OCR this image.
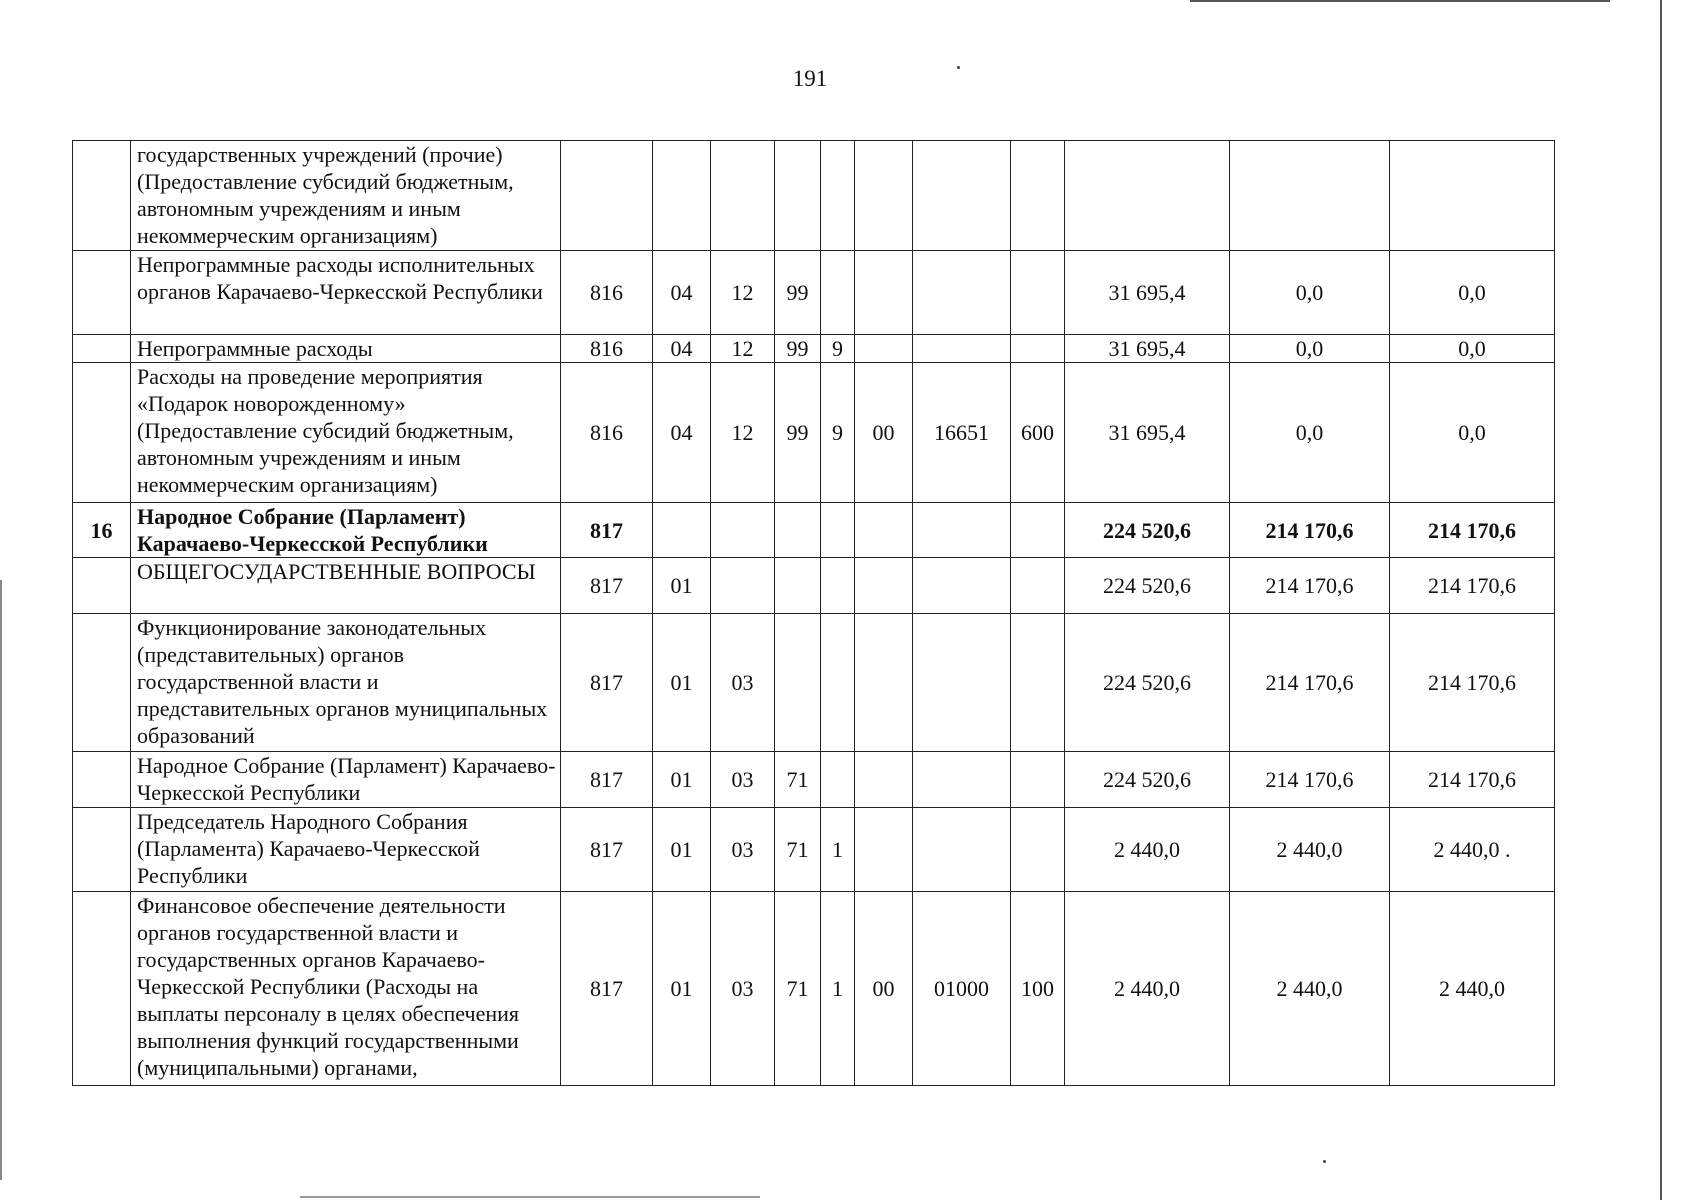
191
	государственных учреждений (прочие) (Предоставление субсидий бюджетным, автономным учреждениям и иным некоммерческим организациям)											
	Непрограммные расходы исполнительных органов Карачаево-Черкесской Республики	816	04	12	99					31 695,4	0,0	0,0
	Непрограммные расходы	816	04	12	99	9				31 695,4	0,0	0,0
	Расходы на проведение мероприятия «Подарок новорожденному» (Предоставление субсидий бюджетным, автономным учреждениям и иным некоммерческим организациям)	816	04	12	99	9	00	16651	600	31 695,4	0,0	0,0
16	Народное Собрание (Парламент) Карачаево-Черкесской Республики	817								224 520,6	214 170,6	214 170,6
	ОБЩЕГОСУДАРСТВЕННЫЕ ВОПРОСЫ	817	01							224 520,6	214 170,6	214 170,6
	Функционирование законодательных (представительных) органов государственной власти и представительных органов муниципальных образований	817	01	03						224 520,6	214 170,6	214 170,6
	Народное Собрание (Парламент) Карачаево-Черкесской Республики	817	01	03	71					224 520,6	214 170,6	214 170,6
	Председатель Народного Собрания (Парламента) Карачаево-Черкесской Республики	817	01	03	71	1				2 440,0	2 440,0	2 440,0 .
	Финансовое обеспечение деятельности органов государственной власти и государственных органов Карачаево-Черкесской Республики (Расходы на выплаты персоналу в целях обеспечения выполнения функций государственными (муниципальными) органами,	817	01	03	71	1	00	01000	100	2 440,0	2 440,0	2 440,0
